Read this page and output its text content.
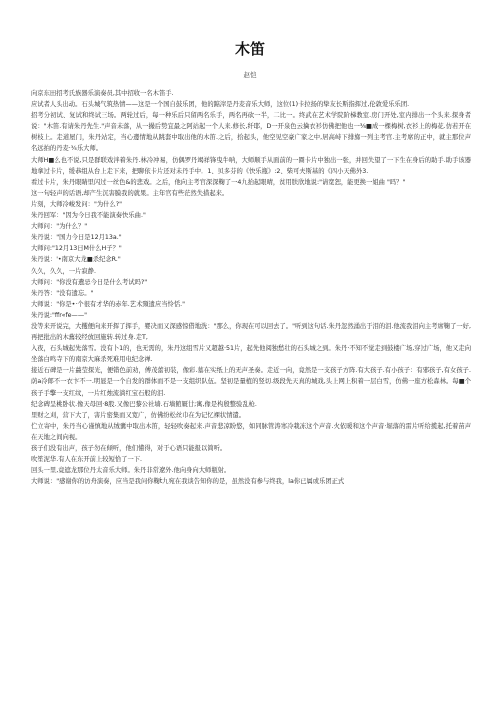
木笛
赵恺

向京东田招考氏族器乐演奏员,其中招收一名木笛手.

应试者人头出动。石头城气筑热情——这是一个国自鼓乐团，他的踮滓是丹麦音乐大师，这位(1)卡拉扬的挚友长斯指挥过,伦敦爱乐乐团.

招考分初试、复试和终试三场。两轮过后，每一种乐后只留两名乐手，两名再砍一半，二比一。终武在艺术学院阶梯教室.房门开处,室内排出一个头来.探身者说："木笛.有请朱丹先生."声音未落，从一撮后势宜最之阿站起一个人来.修长,纤耶，D一开泉色云擒衣衫仿佛把他也一⅜■成一棵梅树,衣衫上的梅花.仿若开在树枝上。走道屋门，朱丹站定，当心邊情地从跳套中取出他的木笛.之后，拾起头，他空见空豪广家之中,居高峙下排旆一列主考官.主考席的正中，就主那位声名远拍的丹麦·¾乐大师。

大师H■么也不说,只是群联戏泮着朱丹.林冷冲易，仿偶罗丹竭祥锋曳牛呐，大师顺手从面前的一圈卡片中独出一张，并回失望了一下生在身后的助手.助手该器地拿过卡片，缓恭组从台上走下来，把聊依卡片还对未丹手中．1、贝多芬的《快乐瓶》:2、柴可夫斯基的《四小天佛外3.

看过卡片，朱丹眼睛里闪过一丝色&的悲戏。之后，他向主考官深深鞠了一4九抬起眼晴，贫用肤欣地说:"请宽恕，能更换一姐曲 "吗？"

这一句轻声的话语,却产生沉害膜我的就果。主年官有些茫然失措起来。

片刻，大师冷峻发问："为什么?"

朱丹回军："因为今日我不能演奏快乐曲."

大师问："为什么？"

朱丹说："国力今日是12月13a."

大师问:"12月13日M什么H子？"

朱丹说：'•南京大龙■杀纪念R."

久久，久久，一片寂静.

大师问："你没有遺忌今日是什么考试吗?"

朱丹答："没有遗忘。"

大师说："你是•·个很有才华的赤年.艺术頸遗应当怜恬."

朱丹说:"ffr«fe——"

没等来开说完，大攫便向来开挥了挥手，婴决而又深感惊借地洗："那么，你现在可以回去了。"听到这句话.朱丹忽然涌出于泪的泪.他流我泪向主考席鞠了一好,再把批出的木舊较经放回施转.转过身.走T,

入夜，石头城起先落雪。没有卜1的，也无需的，朱丹这组雪片又超越·51片，起先他阅独愁壮的石头城之到。朱丹·不知不觉走到鼓楼广场,穿过广场，他又走向坐落白鸣寺下的南京大麻杀死难用电纪念禅.

接近石碑是一片蕞莹探光，便错色前劝，傅茂蕾初装，像彩.墓在实纸上的无声圣奏。走近一向，竟然是一支孩子方阵.有大孩子.有小孩子：有邪孩子,有女孩子.荫a冷郞不一衣卞不一.明显是一个自发的群体而不是一支组织队伍。坚初是量植的竖切.级段先天真的城戏,头上网上积着一层白雪，仿佛一座方松森林。每■个孩子手擎一支红纹，一片红烛流淌红宝石般的泪.

纪念碑呈桃卧状.像天母回·8股.又像巴黎公社墙.石墙館厩廿;寓,像是构殷整验乱枪.

里财之刈，营下大了，害片密集而又宽广，仿佛纷松丝巾在为记忆裸状情遣。

伫立寄中，朱丹当心谨慎地从绒囊中取出木笛，轻轻吹奏起来.声音悲凉盼悠，如同脉管涛寒冷栽冻这个声音.火依暖和这个声音·堀落的雷片听给揽起,托着苗声在天地之间向视。

孩子们没有出声，孩子勿在倾听，他们懂得，对于心语只能报以简听。

吹笙泥华.有人在东开前上较短恰了一下.

回头一里,竟遮龙那位丹太音乐大师。朱丹非常遼外.他向身向大师瓶射。

大师说："感谢你的访舟演奏，应当是我问你鞠ṫ九宛在我谈告知你的是，虽然没有参与终我，la你已属或乐团正式
